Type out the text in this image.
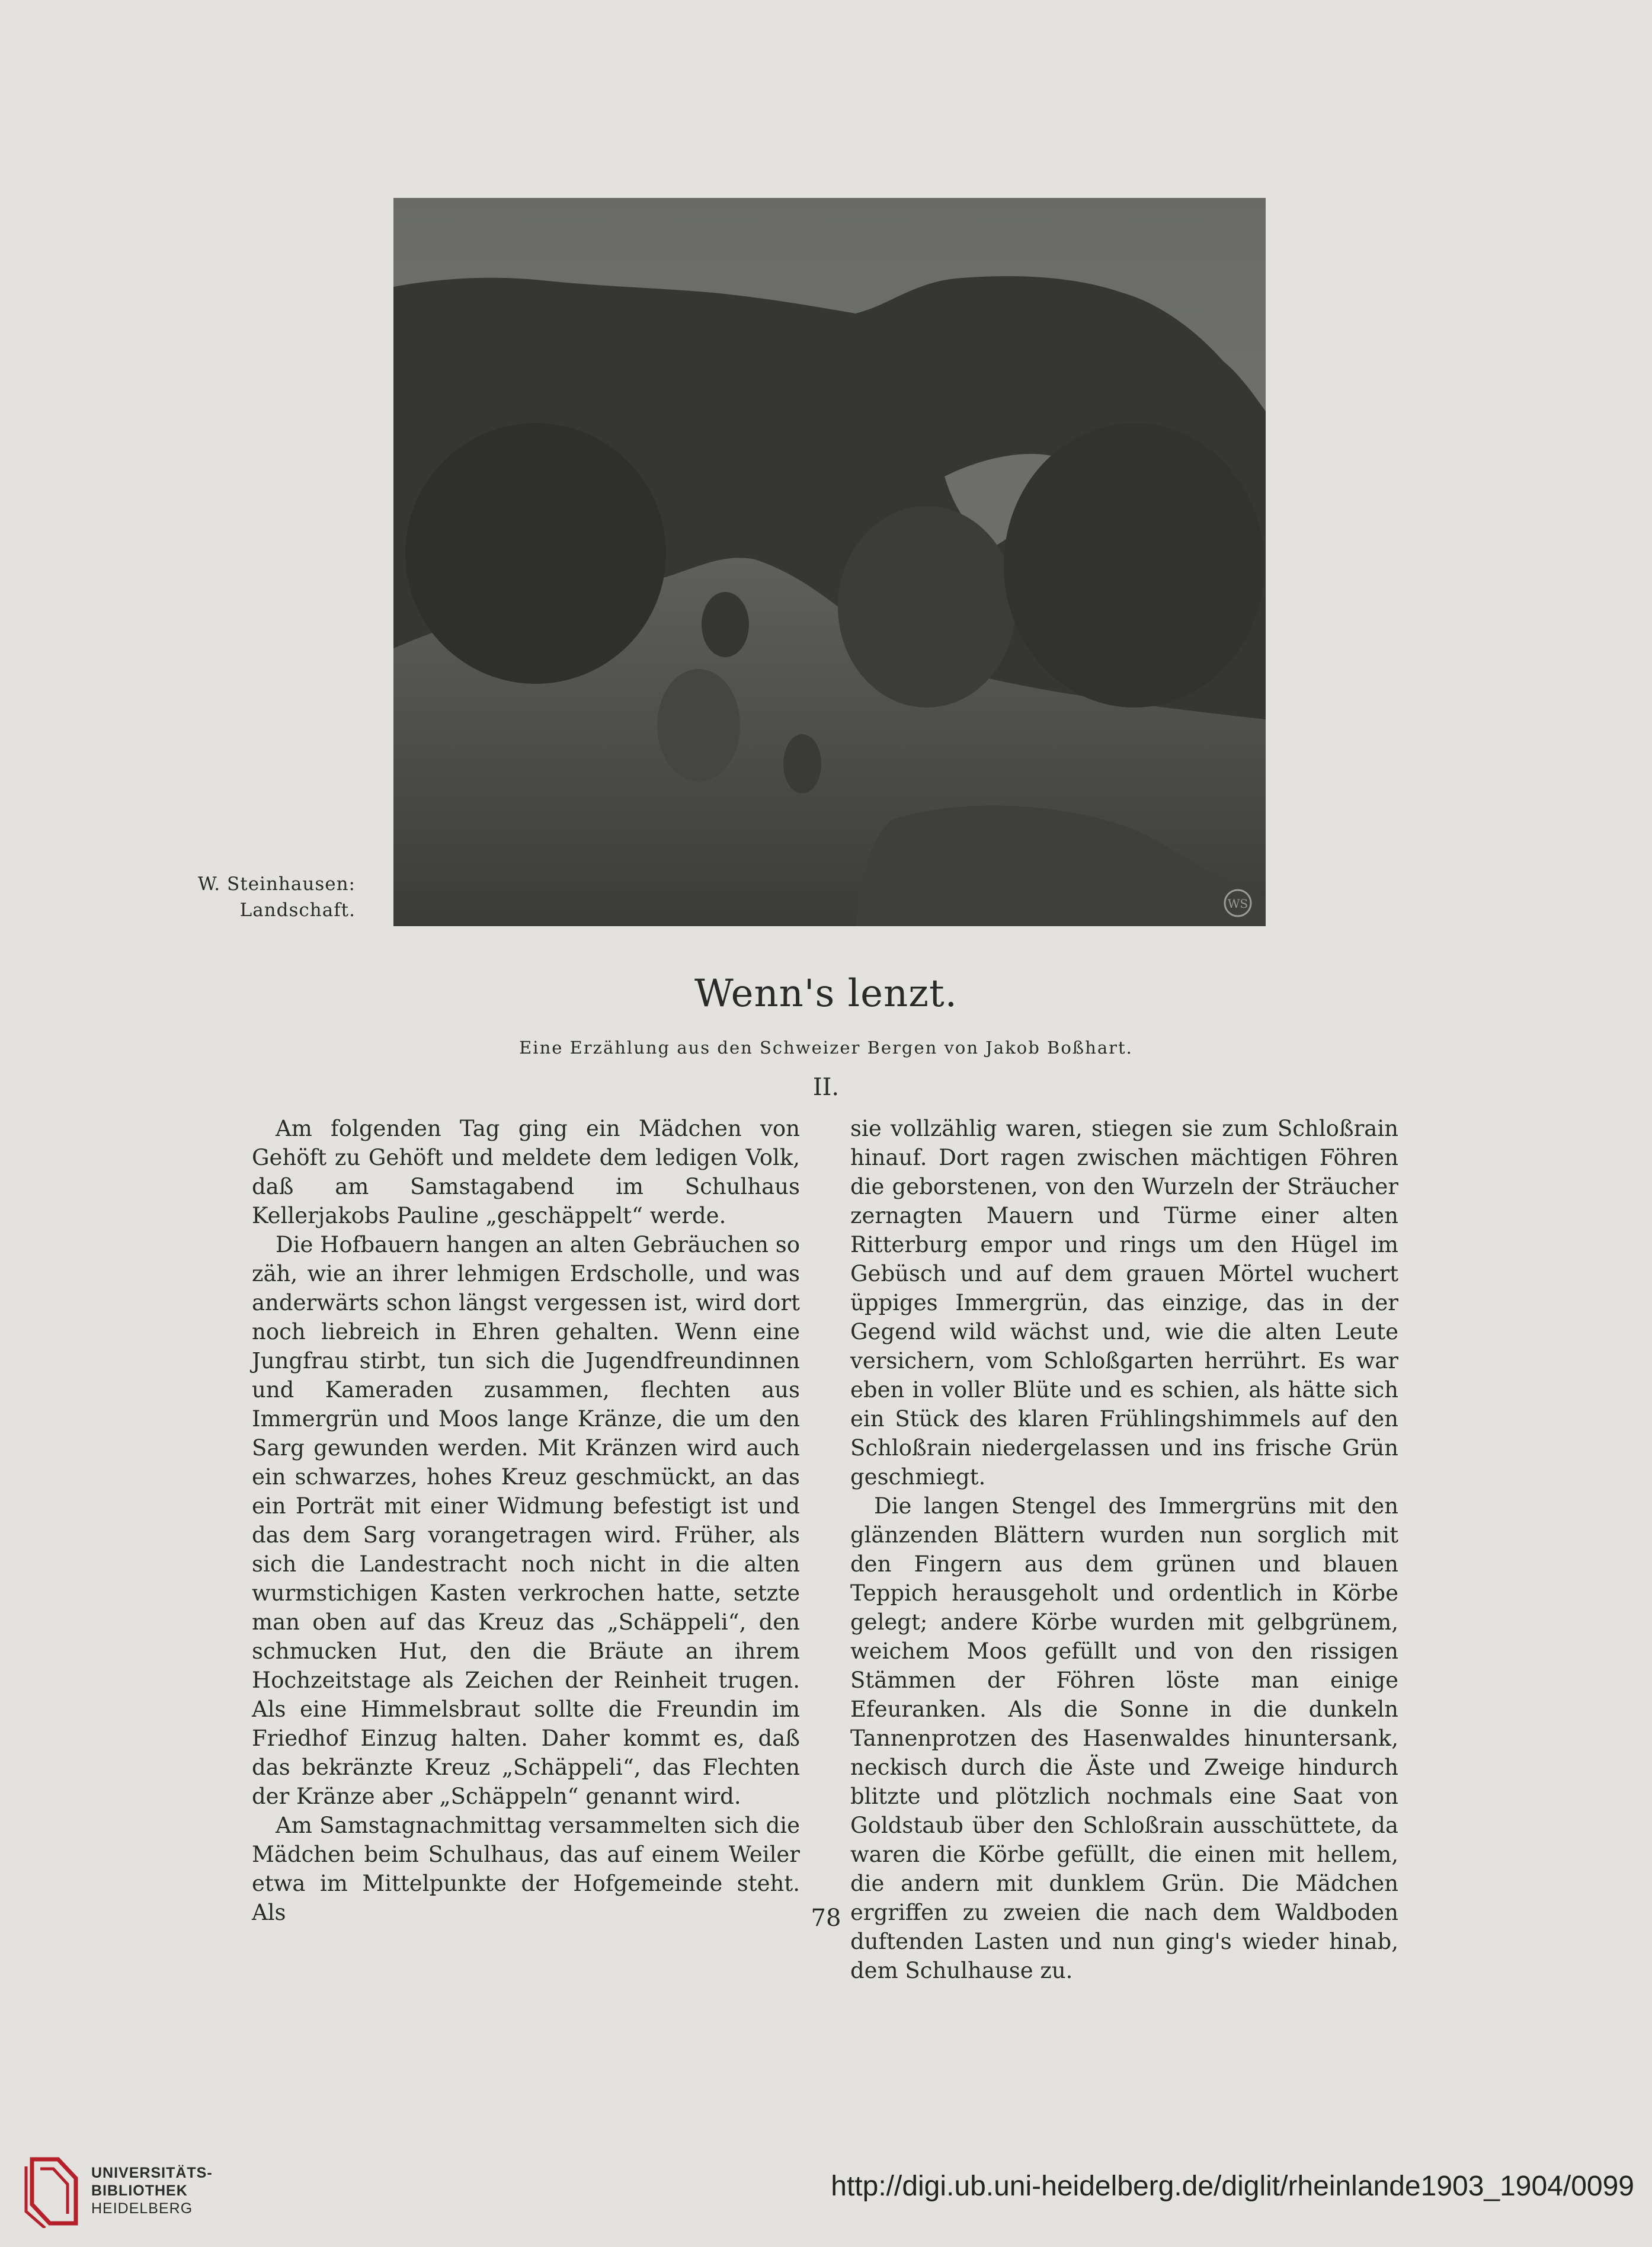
W. Steinhausen:
Landschaft.	WS
Wenn's lenzt.
Eine Erzählung aus den Schweizer Bergen von Jakob Boßhart.
II.

Am folgenden Tag ging ein Mädchen von Gehöft zu Gehöft und meldete dem ledigen Volk, daß am Samstagabend im Schulhaus Kellerjakobs Pauline „geschäppelt“ werde.

Die Hofbauern hangen an alten Gebräuchen so zäh, wie an ihrer lehmigen Erdscholle, und was anderwärts schon längst vergessen ist, wird dort noch liebreich in Ehren gehalten. Wenn eine Jungfrau stirbt, tun sich die Jugendfreundinnen und Kameraden zusammen, flechten aus Immergrün und Moos lange Kränze, die um den Sarg gewunden werden. Mit Kränzen wird auch ein schwarzes, hohes Kreuz geschmückt, an das ein Porträt mit einer Widmung befestigt ist und das dem Sarg vorangetragen wird. Früher, als sich die Landestracht noch nicht in die alten wurmstichigen Kasten verkrochen hatte, setzte man oben auf das Kreuz das „Schäppeli“, den schmucken Hut, den die Bräute an ihrem Hochzeitstage als Zeichen der Reinheit trugen. Als eine Himmelsbraut sollte die Freundin im Friedhof Einzug halten. Daher kommt es, daß das bekränzte Kreuz „Schäppeli“, das Flechten der Kränze aber „Schäppeln“ genannt wird.

Am Samstagnachmittag versammelten sich die Mädchen beim Schulhaus, das auf einem Weiler etwa im Mittelpunkte der Hofgemeinde steht. Als

sie vollzählig waren, stiegen sie zum Schloßrain hinauf. Dort ragen zwischen mächtigen Föhren die geborstenen, von den Wurzeln der Sträucher zernagten Mauern und Türme einer alten Ritterburg empor und rings um den Hügel im Gebüsch und auf dem grauen Mörtel wuchert üppiges Immergrün, das einzige, das in der Gegend wild wächst und, wie die alten Leute versichern, vom Schloßgarten herrührt. Es war eben in voller Blüte und es schien, als hätte sich ein Stück des klaren Frühlingshimmels auf den Schloßrain niedergelassen und ins frische Grün geschmiegt.

Die langen Stengel des Immergrüns mit den glänzenden Blättern wurden nun sorglich mit den Fingern aus dem grünen und blauen Teppich herausgeholt und ordentlich in Körbe gelegt; andere Körbe wurden mit gelbgrünem, weichem Moos gefüllt und von den rissigen Stämmen der Föhren löste man einige Efeuranken. Als die Sonne in die dunkeln Tannenprotzen des Hasenwaldes hinuntersank, neckisch durch die Äste und Zweige hindurch blitzte und plötzlich nochmals eine Saat von Goldstaub über den Schloßrain ausschüttete, da waren die Körbe gefüllt, die einen mit hellem, die andern mit dunklem Grün. Die Mädchen ergriffen zu zweien die nach dem Waldboden duftenden Lasten und nun ging's wieder hinab, dem Schulhause zu.

78
UNIVERSITÄTS-
BIBLIOTHEK
HEIDELBERG
http://digi.ub.uni-heidelberg.de/diglit/rheinlande1903_1904/0099
